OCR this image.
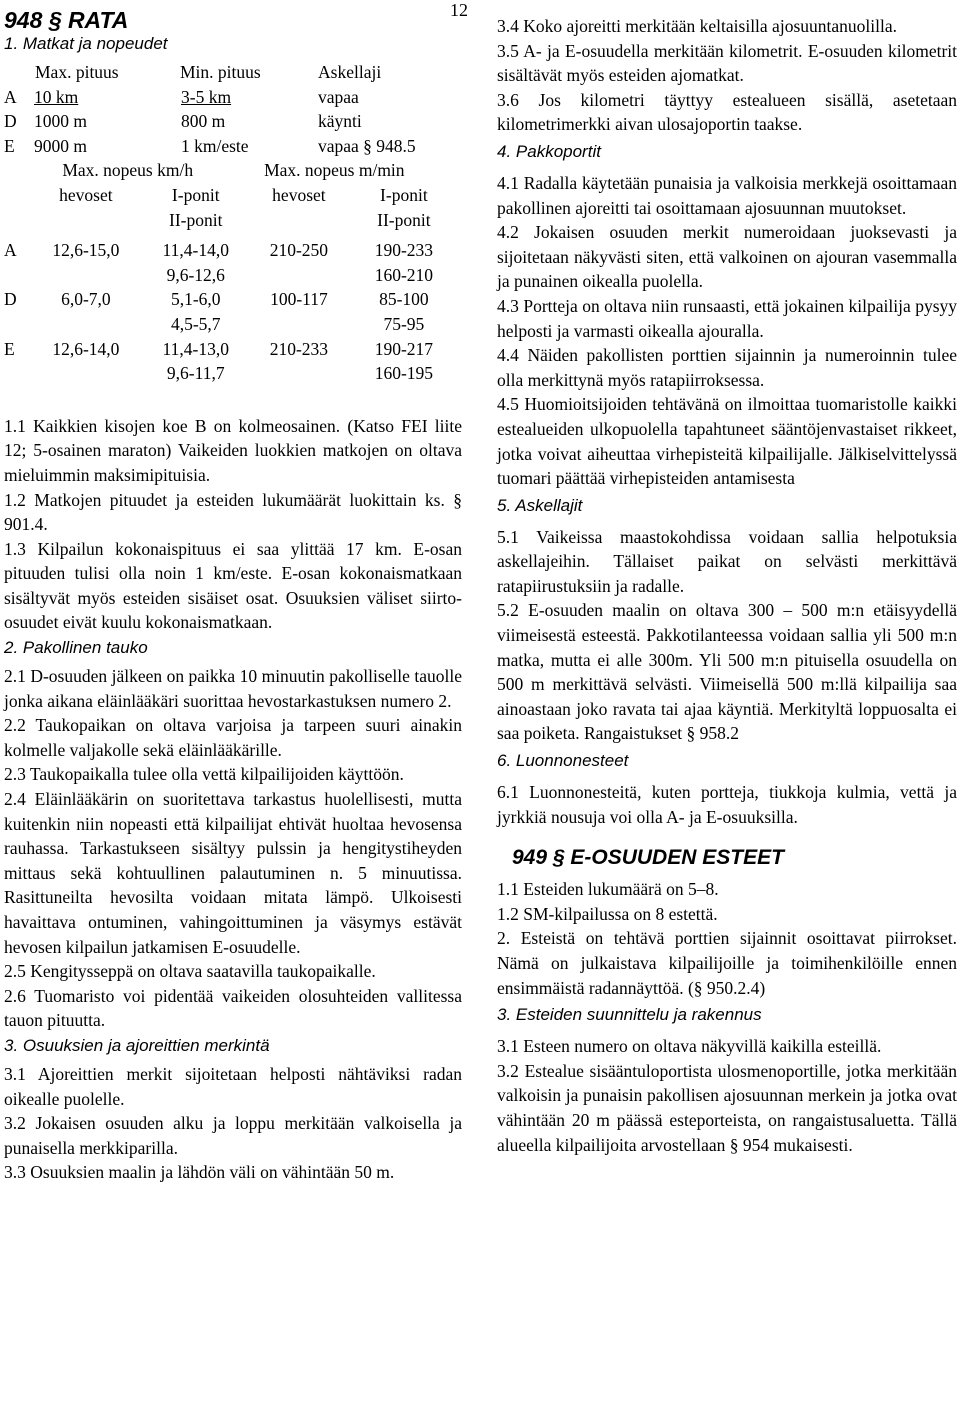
12
948 § RATA
1. Matkat ja nopeudet
	Max. pituus	Min. pituus	Askellaji
A	10 km	3-5 km	vapaa
D	1000 m	800 m	käynti
E	9000 m	1 km/este	vapaa § 948.5
	Max. nopeus km/h		Max. nopeus m/min	
	hevoset	I-ponit	hevoset	I-ponit
		II-ponit		II-ponit

A	12,6-15,0	11,4-14,0	210-250	190-233
		9,6-12,6		160-210
D	6,0-7,0	5,1-6,0	100-117	85-100
		4,5-5,7		75-95
E	12,6-14,0	11,4-13,0	210-233	190-217
		9,6-11,7		160-195

1.1 Kaikkien kisojen koe B on kolmeosainen. (Katso FEI liite 12; 5-osainen maraton) Vaikeiden luokkien matkojen on oltava mieluimmin maksimipituisia.

1.2 Matkojen pituudet ja esteiden lukumäärät luokittain ks. § 901.4.

1.3 Kilpailun kokonaispituus ei saa ylittää 17 km. E-osan pituuden tulisi olla noin 1 km/este. E-osan kokonaismatkaan sisältyvät myös esteiden sisäiset osat. Osuuksien väliset siirto-osuudet eivät kuulu kokonaismatkaan.

2. Pakollinen tauko

2.1 D-osuuden jälkeen on paikka 10 minuutin pakolliselle tauolle jonka aikana eläinlääkäri suorittaa hevostarkastuksen numero 2.

2.2 Taukopaikan on oltava varjoisa ja tarpeen suuri ainakin kolmelle valjakolle sekä eläinlääkärille.

2.3 Taukopaikalla tulee olla vettä kilpailijoiden käyttöön.

2.4 Eläinlääkärin on suoritettava tarkastus huolellisesti, mutta kuitenkin niin nopeasti että kilpailijat ehtivät huoltaa hevosensa rauhassa. Tarkastukseen sisältyy pulssin ja hengitystiheyden mittaus sekä kohtuullinen palautuminen n. 5 minuutissa. Rasittuneilta hevosilta voidaan mitata lämpö. Ulkoisesti havaittava ontuminen, vahingoittuminen ja väsymys estävät hevosen kilpailun jatkamisen E-osuudelle.

2.5 Kengitysseppä on oltava saatavilla taukopaikalle.

2.6 Tuomaristo voi pidentää vaikeiden olosuhteiden vallitessa tauon pituutta.

3. Osuuksien ja ajoreittien merkintä

3.1 Ajoreittien merkit sijoitetaan helposti nähtäviksi radan oikealle puolelle.

3.2 Jokaisen osuuden alku ja loppu merkitään valkoisella ja punaisella merkkiparilla.

3.3 Osuuksien maalin ja lähdön väli on vähintään 50 m.

3.4 Koko ajoreitti merkitään keltaisilla ajosuuntanuolilla.

3.5 A- ja E-osuudella merkitään kilometrit. E-osuuden kilometrit sisältävät myös esteiden ajomatkat.

3.6 Jos kilometri täyttyy estealueen sisällä, asetetaan kilometrimerkki aivan ulosajoportin taakse.

4. Pakkoportit

4.1 Radalla käytetään punaisia ja valkoisia merkkejä osoittamaan pakollinen ajoreitti tai osoittamaan ajosuunnan muutokset.

4.2 Jokaisen osuuden merkit numeroidaan juoksevasti ja sijoitetaan näkyvästi siten, että valkoinen on ajouran vasemmalla ja punainen oikealla puolella.

4.3 Portteja on oltava niin runsaasti, että jokainen kilpailija pysyy helposti ja varmasti oikealla ajouralla.

4.4 Näiden pakollisten porttien sijainnin ja numeroinnin tulee olla merkittynä myös ratapiirroksessa.

4.5 Huomioitsijoiden tehtävänä on ilmoittaa tuomaristolle kaikki estealueiden ulkopuolella tapahtuneet sääntöjenvastaiset rikkeet, jotka voivat aiheuttaa virhepisteitä kilpailijalle. Jälkiselvittelyssä tuomari päättää virhepisteiden antamisesta

5. Askellajit

5.1 Vaikeissa maastokohdissa voidaan sallia helpotuksia askellajeihin. Tällaiset paikat on selvästi merkittävä ratapiirustuksiin ja radalle.

5.2 E-osuuden maalin on oltava 300 – 500 m:n etäisyydellä viimeisestä esteestä. Pakkotilanteessa voidaan sallia yli 500 m:n matka, mutta ei alle 300m. Yli 500 m:n pituisella osuudella on 500 m merkittävä selvästi. Viimeisellä 500 m:llä kilpailija saa ainoastaan joko ravata tai ajaa käyntiä. Merkityltä loppuosalta ei saa poiketa. Rangaistukset § 958.2

6. Luonnonesteet

6.1 Luonnonesteitä, kuten portteja, tiukkoja kulmia, vettä ja jyrkkiä nousuja voi olla A- ja E-osuuksilla.

949 § E-OSUUDEN ESTEET

1.1 Esteiden lukumäärä on 5–8.

1.2 SM-kilpailussa on 8 estettä.

2. Esteistä on tehtävä porttien sijainnit osoittavat piirrokset. Nämä on julkaistava kilpailijoille ja toimihenkilöille ennen ensimmäistä radannäyttöä. (§ 950.2.4)

3. Esteiden suunnittelu ja rakennus

3.1 Esteen numero on oltava näkyvillä kaikilla esteillä.

3.2 Estealue sisääntuloportista ulosmenoportille, jotka merkitään valkoisin ja punaisin pakollisen ajosuunnan merkein ja jotka ovat vähintään 20 m päässä esteporteista, on rangaistusaluetta. Tällä alueella kilpailijoita arvostellaan § 954 mukaisesti.
